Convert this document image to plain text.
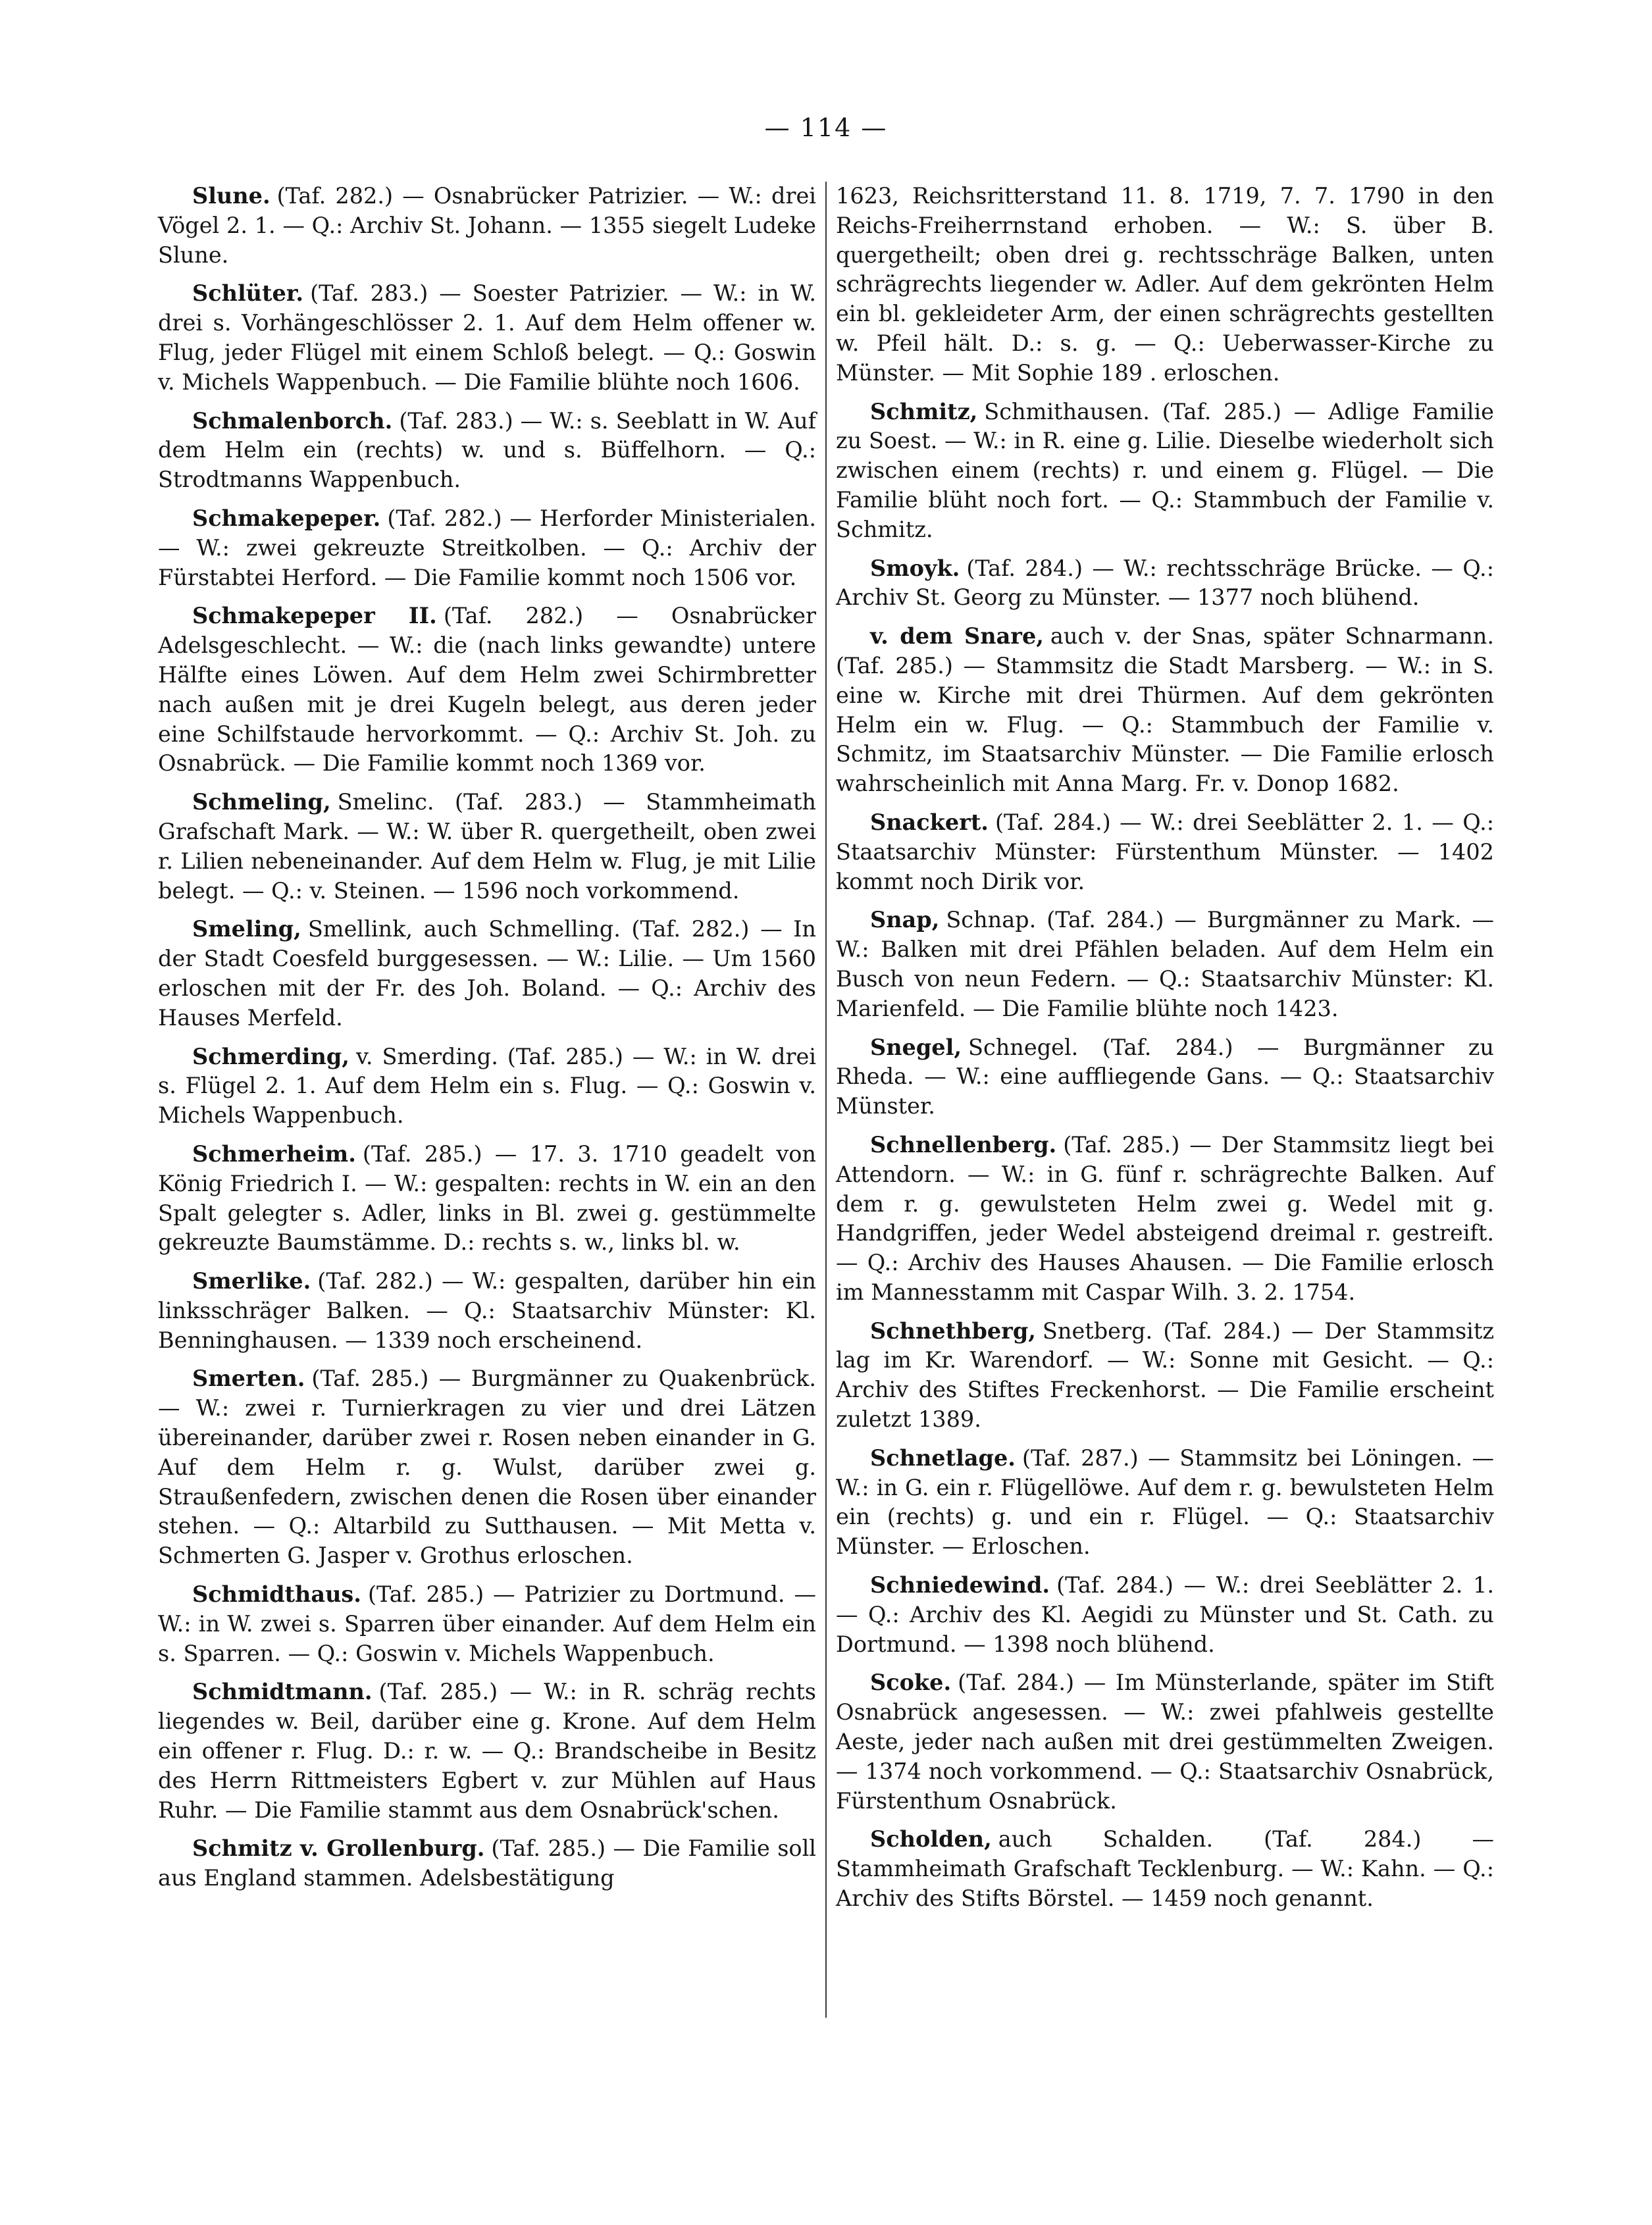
— 114 —

Slune. (Taf. 282.) — Osnabrücker Patrizier. — W.: drei Vögel 2. 1. — Q.: Archiv St. Johann. — 1355 siegelt Ludeke Slune.

Schlüter. (Taf. 283.) — Soester Patrizier. — W.: in W. drei s. Vorhängeschlösser 2. 1. Auf dem Helm offener w. Flug, jeder Flügel mit einem Schloß belegt. — Q.: Goswin v. Michels Wappenbuch. — Die Familie blühte noch 1606.

Schmalenborch. (Taf. 283.) — W.: s. Seeblatt in W. Auf dem Helm ein (rechts) w. und s. Büffelhorn. — Q.: Strodtmanns Wappenbuch.

Schmakepeper. (Taf. 282.) — Herforder Ministerialen. — W.: zwei gekreuzte Streitkolben. — Q.: Archiv der Fürstabtei Herford. — Die Familie kommt noch 1506 vor.

Schmakepeper II. (Taf. 282.) — Osnabrücker Adelsgeschlecht. — W.: die (nach links gewandte) untere Hälfte eines Löwen. Auf dem Helm zwei Schirmbretter nach außen mit je drei Kugeln belegt, aus deren jeder eine Schilfstaude hervorkommt. — Q.: Archiv St. Joh. zu Osnabrück. — Die Familie kommt noch 1369 vor.

Schmeling, Smelinc. (Taf. 283.) — Stammheimath Grafschaft Mark. — W.: W. über R. quergetheilt, oben zwei r. Lilien nebeneinander. Auf dem Helm w. Flug, je mit Lilie belegt. — Q.: v. Steinen. — 1596 noch vorkommend.

Smeling, Smellink, auch Schmelling. (Taf. 282.) — In der Stadt Coesfeld burggesessen. — W.: Lilie. — Um 1560 erloschen mit der Fr. des Joh. Boland. — Q.: Archiv des Hauses Merfeld.

Schmerding, v. Smerding. (Taf. 285.) — W.: in W. drei s. Flügel 2. 1. Auf dem Helm ein s. Flug. — Q.: Goswin v. Michels Wappenbuch.

Schmerheim. (Taf. 285.) — 17. 3. 1710 geadelt von König Friedrich I. — W.: gespalten: rechts in W. ein an den Spalt gelegter s. Adler, links in Bl. zwei g. gestümmelte gekreuzte Baumstämme. D.: rechts s. w., links bl. w.

Smerlike. (Taf. 282.) — W.: gespalten, darüber hin ein linksschräger Balken. — Q.: Staatsarchiv Münster: Kl. Benninghausen. — 1339 noch erscheinend.

Smerten. (Taf. 285.) — Burgmänner zu Quakenbrück. — W.: zwei r. Turnierkragen zu vier und drei Lätzen übereinander, darüber zwei r. Rosen neben einander in G. Auf dem Helm r. g. Wulst, darüber zwei g. Straußenfedern, zwischen denen die Rosen über einander stehen. — Q.: Altarbild zu Sutthausen. — Mit Metta v. Schmerten G. Jasper v. Grothus erloschen.

Schmidthaus. (Taf. 285.) — Patrizier zu Dortmund. — W.: in W. zwei s. Sparren über einander. Auf dem Helm ein s. Sparren. — Q.: Goswin v. Michels Wappenbuch.

Schmidtmann. (Taf. 285.) — W.: in R. schräg rechts liegendes w. Beil, darüber eine g. Krone. Auf dem Helm ein offener r. Flug. D.: r. w. — Q.: Brandscheibe in Besitz des Herrn Rittmeisters Egbert v. zur Mühlen auf Haus Ruhr. — Die Familie stammt aus dem Osnabrück'schen.

Schmitz v. Grollenburg. (Taf. 285.) — Die Familie soll aus England stammen. Adelsbestätigung

1623, Reichsritterstand 11. 8. 1719, 7. 7. 1790 in den Reichs-Freiherrnstand erhoben. — W.: S. über B. quergetheilt; oben drei g. rechtsschräge Balken, unten schrägrechts liegender w. Adler. Auf dem gekrönten Helm ein bl. gekleideter Arm, der einen schrägrechts gestellten w. Pfeil hält. D.: s. g. — Q.: Ueberwasser-Kirche zu Münster. — Mit Sophie 189 . erloschen.

Schmitz, Schmithausen. (Taf. 285.) — Adlige Familie zu Soest. — W.: in R. eine g. Lilie. Dieselbe wiederholt sich zwischen einem (rechts) r. und einem g. Flügel. — Die Familie blüht noch fort. — Q.: Stammbuch der Familie v. Schmitz.

Smoyk. (Taf. 284.) — W.: rechtsschräge Brücke. — Q.: Archiv St. Georg zu Münster. — 1377 noch blühend.

v. dem Snare, auch v. der Snas, später Schnarmann. (Taf. 285.) — Stammsitz die Stadt Marsberg. — W.: in S. eine w. Kirche mit drei Thürmen. Auf dem gekrönten Helm ein w. Flug. — Q.: Stammbuch der Familie v. Schmitz, im Staatsarchiv Münster. — Die Familie erlosch wahrscheinlich mit Anna Marg. Fr. v. Donop 1682.

Snackert. (Taf. 284.) — W.: drei Seeblätter 2. 1. — Q.: Staatsarchiv Münster: Fürstenthum Münster. — 1402 kommt noch Dirik vor.

Snap, Schnap. (Taf. 284.) — Burgmänner zu Mark. — W.: Balken mit drei Pfählen beladen. Auf dem Helm ein Busch von neun Federn. — Q.: Staatsarchiv Münster: Kl. Marienfeld. — Die Familie blühte noch 1423.

Snegel, Schnegel. (Taf. 284.) — Burgmänner zu Rheda. — W.: eine auffliegende Gans. — Q.: Staatsarchiv Münster.

Schnellenberg. (Taf. 285.) — Der Stammsitz liegt bei Attendorn. — W.: in G. fünf r. schrägrechte Balken. Auf dem r. g. gewulsteten Helm zwei g. Wedel mit g. Handgriffen, jeder Wedel absteigend dreimal r. gestreift. — Q.: Archiv des Hauses Ahausen. — Die Familie erlosch im Mannesstamm mit Caspar Wilh. 3. 2. 1754.

Schnethberg, Snetberg. (Taf. 284.) — Der Stammsitz lag im Kr. Warendorf. — W.: Sonne mit Gesicht. — Q.: Archiv des Stiftes Freckenhorst. — Die Familie erscheint zuletzt 1389.

Schnetlage. (Taf. 287.) — Stammsitz bei Löningen. — W.: in G. ein r. Flügellöwe. Auf dem r. g. bewulsteten Helm ein (rechts) g. und ein r. Flügel. — Q.: Staatsarchiv Münster. — Erloschen.

Schniedewind. (Taf. 284.) — W.: drei Seeblätter 2. 1. — Q.: Archiv des Kl. Aegidi zu Münster und St. Cath. zu Dortmund. — 1398 noch blühend.

Scoke. (Taf. 284.) — Im Münsterlande, später im Stift Osnabrück angesessen. — W.: zwei pfahlweis gestellte Aeste, jeder nach außen mit drei gestümmelten Zweigen. — 1374 noch vorkommend. — Q.: Staatsarchiv Osnabrück, Fürstenthum Osnabrück.

Scholden, auch Schalden. (Taf. 284.) — Stammheimath Grafschaft Tecklenburg. — W.: Kahn. — Q.: Archiv des Stifts Börstel. — 1459 noch genannt.
